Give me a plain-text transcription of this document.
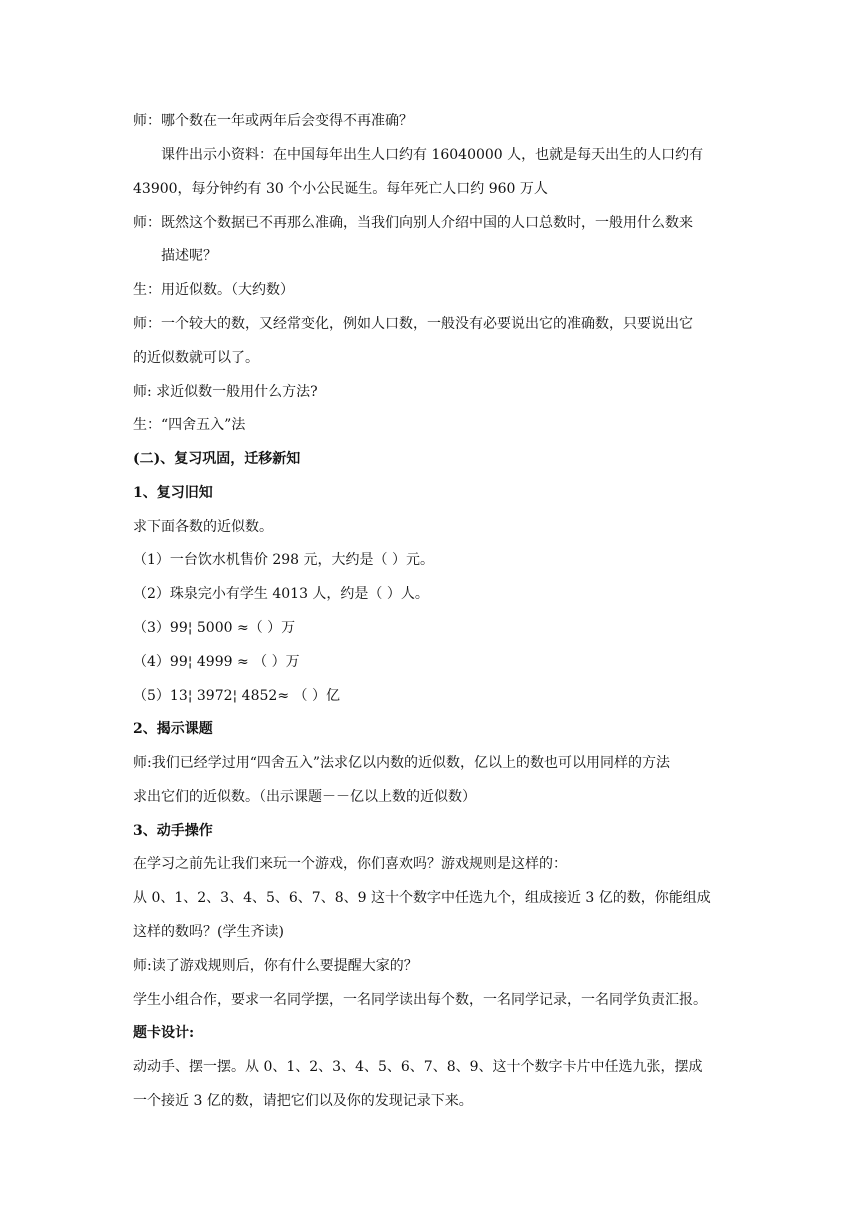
师：哪个数在一年或两年后会变得不再准确？
课件出示小资料：在中国每年出生人口约有 16040000 人，也就是每天出生的人口约有
43900，每分钟约有 30 个小公民诞生。每年死亡人口约 960 万人
师：既然这个数据已不再那么准确，当我们向别人介绍中国的人口总数时，一般用什么数来
描述呢？
生：用近似数。（大约数）
师：一个较大的数，又经常变化，例如人口数，一般没有必要说出它的准确数，只要说出它
的近似数就可以了。
师: 求近似数一般用什么方法?
生：“四舍五入”法
(二)、复习巩固，迁移新知
1、复习旧知
求下面各数的近似数。
（1）一台饮水机售价 298 元，大约是（ ）元。
（2）珠泉完小有学生 4013 人，约是（ ）人。
（3）99¦ 5000 ≈（ ）万
（4）99¦ 4999 ≈ （ ）万
（5）13¦ 3972¦ 4852≈ （ ）亿
2、揭示课题
师:我们已经学过用“四舍五入”法求亿以内数的近似数，亿以上的数也可以用同样的方法
求出它们的近似数。（出示课题－－亿以上数的近似数）
3、动手操作
在学习之前先让我们来玩一个游戏，你们喜欢吗？游戏规则是这样的：
从 0、1、2、3、4、5、6、7、8、9 这十个数字中任选九个，组成接近 3 亿的数，你能组成
这样的数吗？(学生齐读)
师:读了游戏规则后，你有什么要提醒大家的？
学生小组合作，要求一名同学摆，一名同学读出每个数，一名同学记录，一名同学负责汇报。
题卡设计:
动动手、摆一摆。从 0、1、2、3、4、5、6、7、8、9、这十个数字卡片中任选九张，摆成
一个接近 3 亿的数，请把它们以及你的发现记录下来。
